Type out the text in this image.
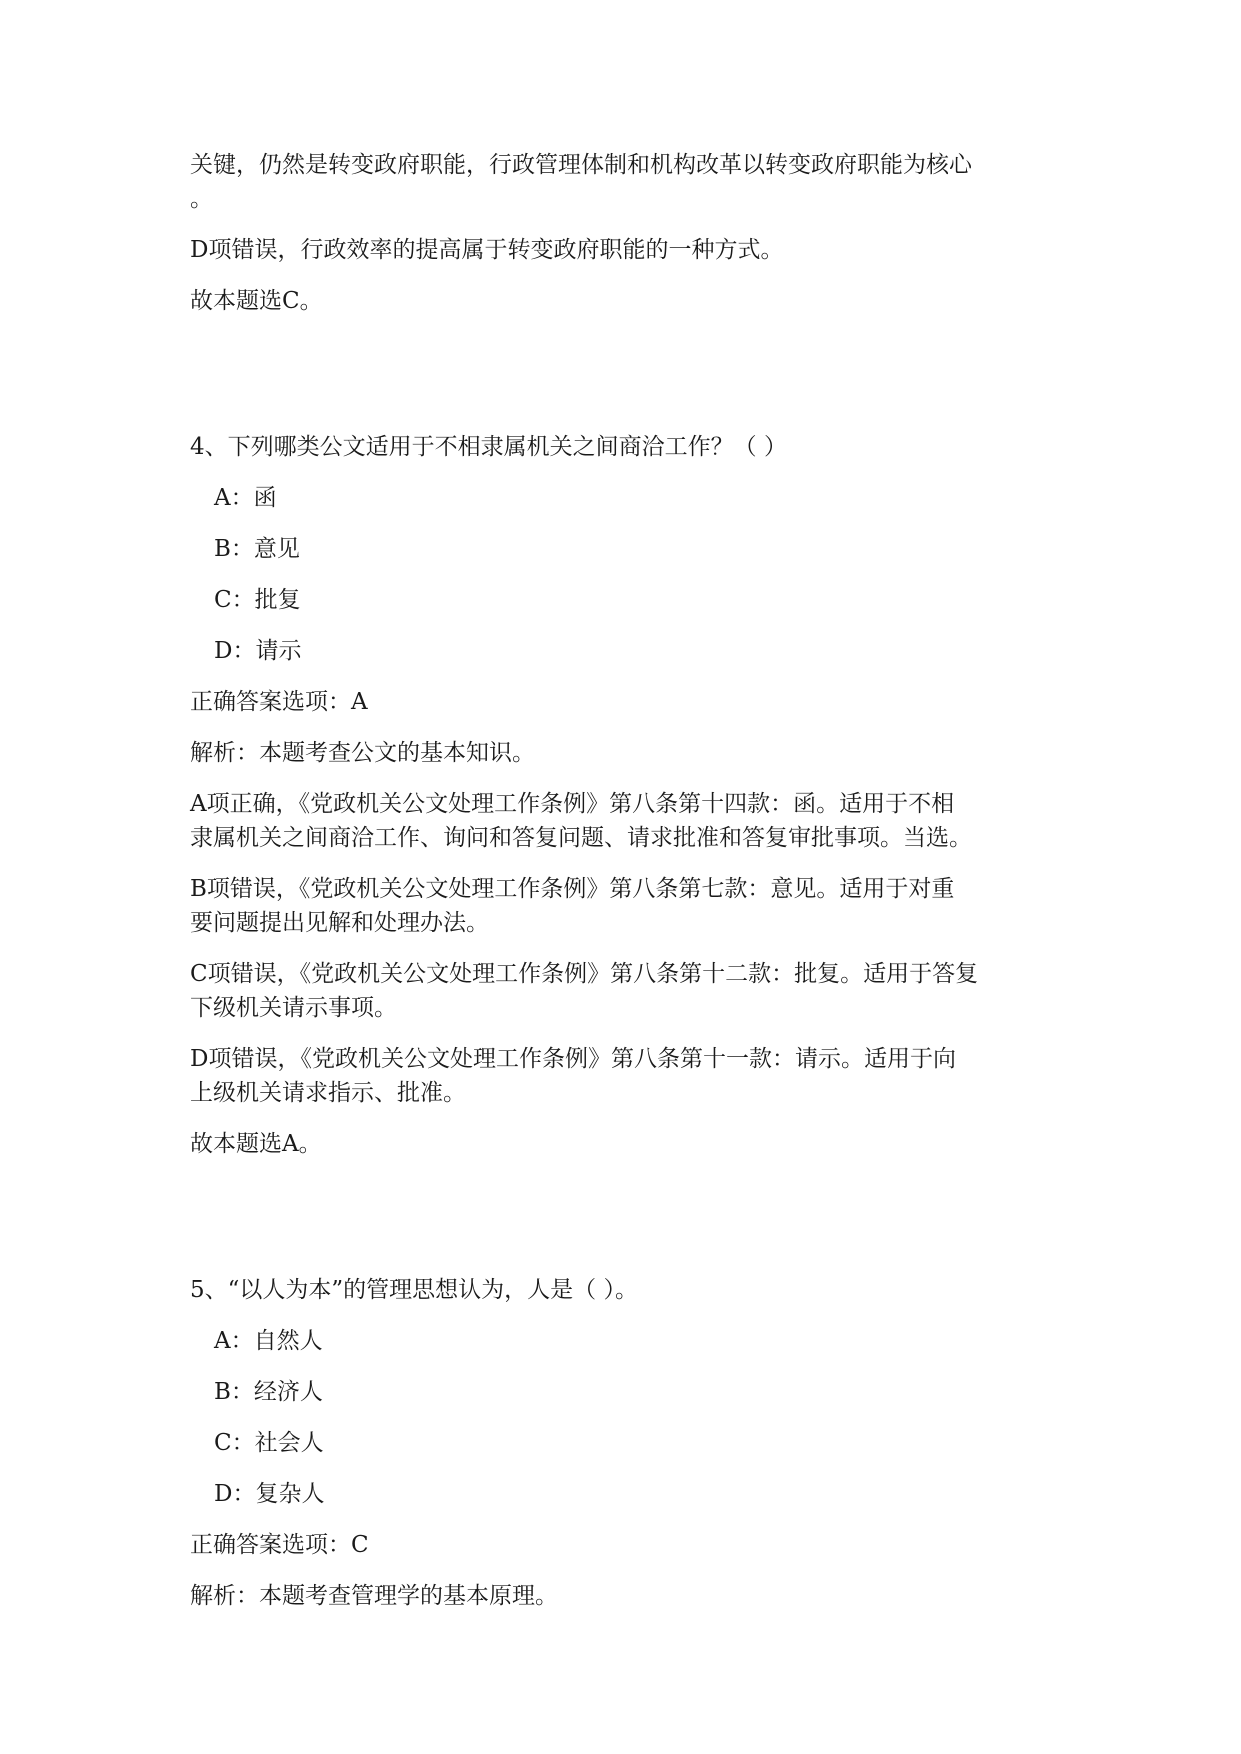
关键，仍然是转变政府职能，行政管理体制和机构改革以转变政府职能为核心
。

D项错误，行政效率的提高属于转变政府职能的一种方式。

故本题选C。

4、下列哪类公文适用于不相隶属机关之间商洽工作？（ ）

A：函

B：意见

C：批复

D：请示

正确答案选项：A

解析：本题考查公文的基本知识。

A项正确，《党政机关公文处理工作条例》第八条第十四款：函。适用于不相
隶属机关之间商洽工作、询问和答复问题、请求批准和答复审批事项。当选。

B项错误，《党政机关公文处理工作条例》第八条第七款：意见。适用于对重
要问题提出见解和处理办法。

C项错误，《党政机关公文处理工作条例》第八条第十二款：批复。适用于答复
下级机关请示事项。

D项错误，《党政机关公文处理工作条例》第八条第十一款：请示。适用于向
上级机关请求指示、批准。

故本题选A。

5、“以人为本”的管理思想认为，人是（ ）。

A：自然人

B：经济人

C：社会人

D：复杂人

正确答案选项：C

解析：本题考查管理学的基本原理。
